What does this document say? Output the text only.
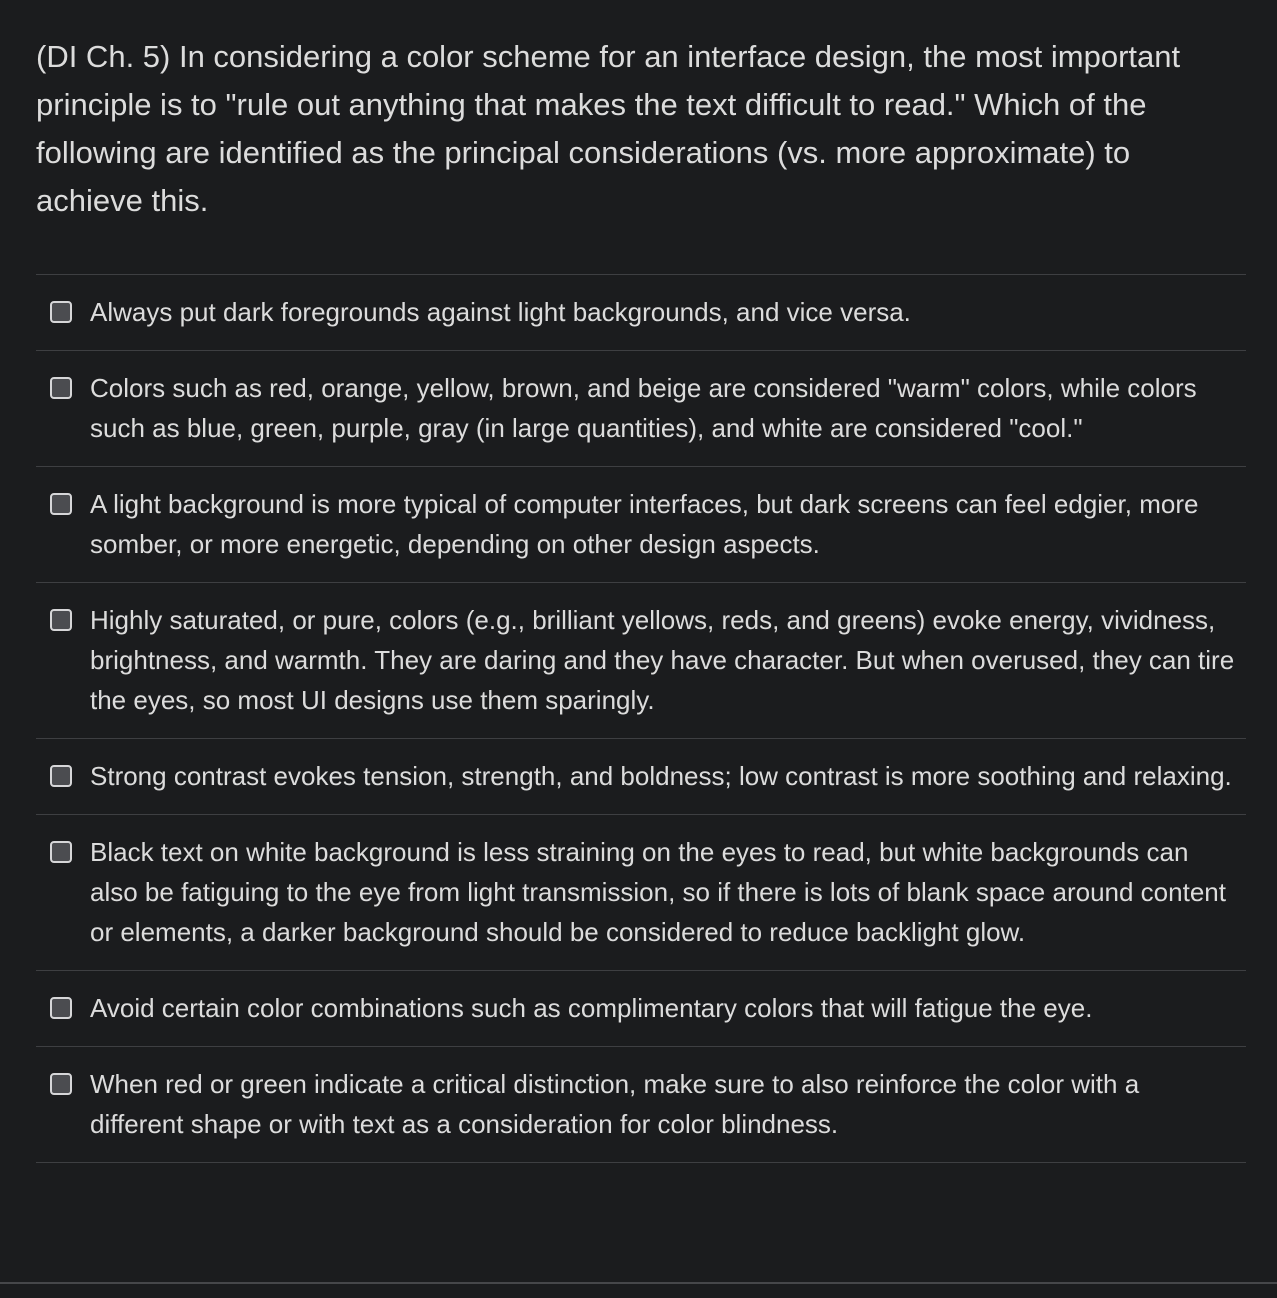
(DI Ch. 5) In considering a color scheme for an interface design, the most important principle is to "rule out anything that makes the text difficult to read." Which of the following are identified as the principal considerations (vs. more approximate) to achieve this.

Always put dark foregrounds against light backgrounds, and vice versa.
Colors such as red, orange, yellow, brown, and beige are considered "warm" colors, while colors such as blue, green, purple, gray (in large quantities), and white are considered "cool."
A light background is more typical of computer interfaces, but dark screens can feel edgier, more somber, or more energetic, depending on other design aspects.
Highly saturated, or pure, colors (e.g., brilliant yellows, reds, and greens) evoke energy, vividness, brightness, and warmth. They are daring and they have character. But when overused, they can tire the eyes, so most UI designs use them sparingly.
Strong contrast evokes tension, strength, and boldness; low contrast is more soothing and relaxing.
Black text on white background is less straining on the eyes to read, but white backgrounds can also be fatiguing to the eye from light transmission, so if there is lots of blank space around content or elements, a darker background should be considered to reduce backlight glow.
Avoid certain color combinations such as complimentary colors that will fatigue the eye.
When red or green indicate a critical distinction, make sure to also reinforce the color with a different shape or with text as a consideration for color blindness.
